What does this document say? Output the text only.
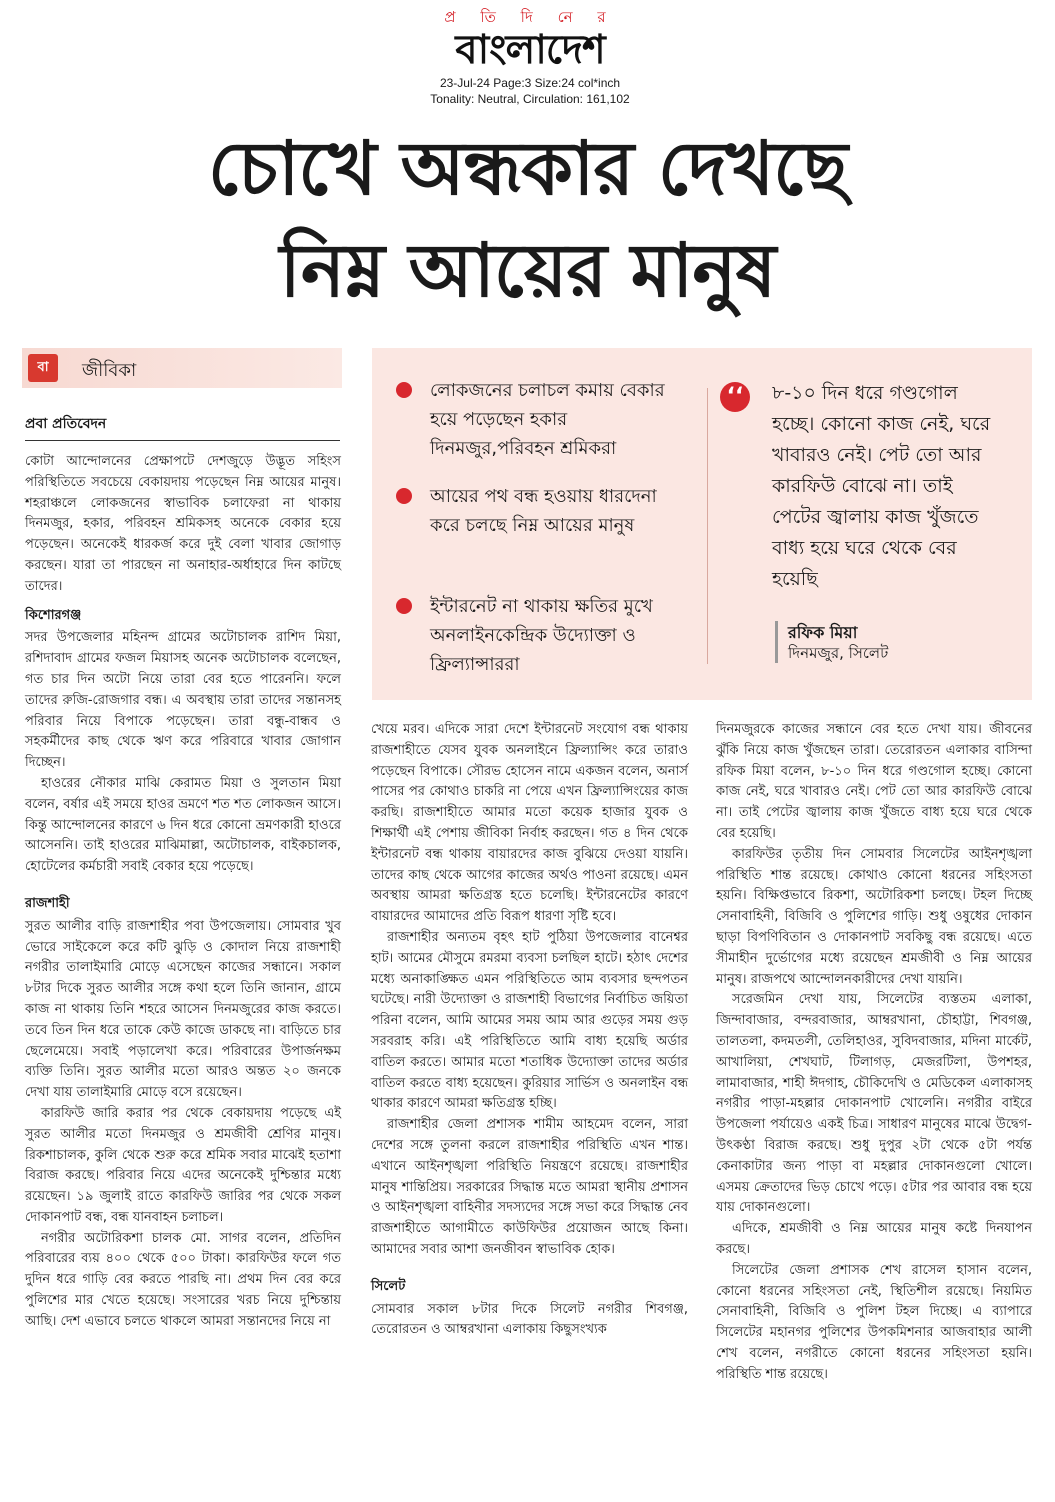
প্র তি দি নে র
বাংলাদেশ
23-Jul-24 Page:3 Size:24 col*inch
Tonality: Neutral, Circulation: 161,102
চোখে অন্ধকার দেখছে
নিম্ন আয়ের মানুষ
বা	জীবিকা
প্রবা প্রতিবেদন

কোটা আন্দোলনের প্রেক্ষাপটে দেশজুড়ে উদ্ভূত সহিংস পরিস্থিতিতে সবচেয়ে বেকায়দায় পড়েছেন নিম্ন আয়ের মানুষ। শহরাঞ্চলে লোকজনের স্বাভাবিক চলাফেরা না থাকায় দিনমজুর, হকার, পরিবহন শ্রমিকসহ অনেকে বেকার হয়ে পড়েছেন। অনেকেই ধারকর্জ করে দুই বেলা খাবার জোগাড় করছেন। যারা তা পারছেন না অনাহার-অর্ধাহারে দিন কাটছে তাদের।

কিশোরগঞ্জ

সদর উপজেলার মহিনন্দ গ্রামের অটোচালক রাশিদ মিয়া, রশিদাবাদ গ্রামের ফজল মিয়াসহ অনেক অটোচালক বলেছেন, গত চার দিন অটো নিয়ে তারা বের হতে পারেননি। ফলে তাদের রুজি-রোজগার বন্ধ। এ অবস্থায় তারা তাদের সন্তানসহ পরিবার নিয়ে বিপাকে পড়েছেন। তারা বন্ধু-বান্ধব ও সহকর্মীদের কাছ থেকে ঋণ করে পরিবারে খাবার জোগান দিচ্ছেন।

হাওরের নৌকার মাঝি কেরামত মিয়া ও সুলতান মিয়া বলেন, বর্ষার এই সময়ে হাওর ভ্রমণে শত শত লোকজন আসে। কিন্তু আন্দোলনের কারণে ৬ দিন ধরে কোনো ভ্রমণকারী হাওরে আসেননি। তাই হাওরের মাঝিমাল্লা, অটোচালক, বাইকচালক, হোটেলের কর্মচারী সবাই বেকার হয়ে পড়েছে।

রাজশাহী

সুরত আলীর বাড়ি রাজশাহীর পবা উপজেলায়। সোমবার খুব ভোরে সাইকেলে করে কটি ঝুড়ি ও কোদাল নিয়ে রাজশাহী নগরীর তালাইমারি মোড়ে এসেছেন কাজের সন্ধানে। সকাল ৮টার দিকে সুরত আলীর সঙ্গে কথা হলে তিনি জানান, গ্রামে কাজ না থাকায় তিনি শহরে আসেন দিনমজুরের কাজ করতে। তবে তিন দিন ধরে তাকে কেউ কাজে ডাকছে না। বাড়িতে চার ছেলেমেয়ে। সবাই পড়ালেখা করে। পরিবারের উপার্জনক্ষম ব্যক্তি তিনি। সুরত আলীর মতো আরও অন্তত ২০ জনকে দেখা যায় তালাইমারি মোড়ে বসে রয়েছেন।

কারফিউ জারি করার পর থেকে বেকায়দায় পড়েছে এই সুরত আলীর মতো দিনমজুর ও শ্রমজীবী শ্রেণির মানুষ। রিকশাচালক, কুলি থেকে শুরু করে শ্রমিক সবার মাঝেই হতাশা বিরাজ করছে। পরিবার নিয়ে এদের অনেকেই দুশ্চিন্তার মধ্যে রয়েছেন। ১৯ জুলাই রাতে কারফিউ জারির পর থেকে সকল দোকানপাট বন্ধ, বন্ধ যানবাহন চলাচল।

নগরীর অটোরিকশা চালক মো. সাগর বলেন, প্রতিদিন পরিবারের ব্যয় ৪০০ থেকে ৫০০ টাকা। কারফিউর ফলে গত দুদিন ধরে গাড়ি বের করতে পারছি না। প্রথম দিন বের করে পুলিশের মার খেতে হয়েছে। সংসারের খরচ নিয়ে দুশ্চিন্তায় আছি। দেশ এভাবে চলতে থাকলে আমরা সন্তানদের নিয়ে না

লোকজনের চলাচল কমায় বেকার হয়ে পড়েছেন হকার দিনমজুর,পরিবহন শ্রমিকরা
আয়ের পথ বন্ধ হওয়ায় ধারদেনা করে চলছে নিম্ন আয়ের মানুষ
ইন্টারনেট না থাকায় ক্ষতির মুখে অনলাইনকেন্দ্রিক উদ্যোক্তা ও ফ্রিল্যান্সাররা
‘‘	৮-১০ দিন ধরে গণ্ডগোল হচ্ছে। কোনো কাজ নেই, ঘরে খাবারও নেই। পেট তো আর কারফিউ বোঝে না। তাই পেটের জ্বালায় কাজ খুঁজতে বাধ্য হয়ে ঘরে থেকে বের হয়েছি
রফিক মিয়া
দিনমজুর, সিলেট

খেয়ে মরব। এদিকে সারা দেশে ইন্টারনেট সংযোগ বন্ধ থাকায় রাজশাহীতে যেসব যুবক অনলাইনে ফ্রিল্যান্সিং করে তারাও পড়েছেন বিপাকে। সৌরভ হোসেন নামে একজন বলেন, অনার্স পাসের পর কোথাও চাকরি না পেয়ে এখন ফ্রিল্যান্সিংয়ের কাজ করছি। রাজশাহীতে আমার মতো কয়েক হাজার যুবক ও শিক্ষার্থী এই পেশায় জীবিকা নির্বাহ করছেন। গত ৪ দিন থেকে ইন্টারনেট বন্ধ থাকায় বায়ারদের কাজ বুঝিয়ে দেওয়া যায়নি। তাদের কাছ থেকে আগের কাজের অর্থও পাওনা রয়েছে। এমন অবস্থায় আমরা ক্ষতিগ্রস্ত হতে চলেছি। ইন্টারনেটের কারণে বায়ারদের আমাদের প্রতি বিরূপ ধারণা সৃষ্টি হবে।

রাজশাহীর অন্যতম বৃহৎ হাট পুঠিয়া উপজেলার বানেশ্বর হাট। আমের মৌসুমে রমরমা ব্যবসা চলছিল হাটে। হঠাৎ দেশের মধ্যে অনাকাঙ্ক্ষিত এমন পরিস্থিতিতে আম ব্যবসার ছন্দপতন ঘটেছে। নারী উদ্যোক্তা ও রাজশাহী বিভাগের নির্বাচিত জয়িতা পরিনা বলেন, আমি আমের সময় আম আর গুড়ের সময় গুড় সরবরাহ করি। এই পরিস্থিতিতে আমি বাধ্য হয়েছি অর্ডার বাতিল করতে। আমার মতো শতাধিক উদ্যোক্তা তাদের অর্ডার বাতিল করতে বাধ্য হয়েছেন। কুরিয়ার সার্ভিস ও অনলাইন বন্ধ থাকার কারণে আমরা ক্ষতিগ্রস্ত হচ্ছি।

রাজশাহীর জেলা প্রশাসক শামীম আহমেদ বলেন, সারা দেশের সঙ্গে তুলনা করলে রাজশাহীর পরিস্থিতি এখন শান্ত। এখানে আইনশৃঙ্খলা পরিস্থিতি নিয়ন্ত্রণে রয়েছে। রাজশাহীর মানুষ শান্তিপ্রিয়। সরকারের সিদ্ধান্ত মতে আমরা স্থানীয় প্রশাসন ও আইনশৃঙ্খলা বাহিনীর সদস্যদের সঙ্গে সভা করে সিদ্ধান্ত নেব রাজশাহীতে আগামীতে কাউফিউর প্রয়োজন আছে কিনা। আমাদের সবার আশা জনজীবন স্বাভাবিক হোক।

সিলেট

সোমবার সকাল ৮টার দিকে সিলেট নগরীর শিবগঞ্জ, তেরোরতন ও আম্বরখানা এলাকায় কিছুসংখ্যক

দিনমজুরকে কাজের সন্ধানে বের হতে দেখা যায়। জীবনের ঝুঁকি নিয়ে কাজ খুঁজছেন তারা। তেরোরতন এলাকার বাসিন্দা রফিক মিয়া বলেন, ৮-১০ দিন ধরে গণ্ডগোল হচ্ছে। কোনো কাজ নেই, ঘরে খাবারও নেই। পেট তো আর কারফিউ বোঝে না। তাই পেটের জ্বালায় কাজ খুঁজতে বাধ্য হয়ে ঘরে থেকে বের হয়েছি।

কারফিউর তৃতীয় দিন সোমবার সিলেটের আইনশৃঙ্খলা পরিস্থিতি শান্ত রয়েছে। কোথাও কোনো ধরনের সহিংসতা হয়নি। বিক্ষিপ্তভাবে রিকশা, অটোরিকশা চলছে। টহল দিচ্ছে সেনাবাহিনী, বিজিবি ও পুলিশের গাড়ি। শুধু ওষুধের দোকান ছাড়া বিপণিবিতান ও দোকানপাট সবকিছু বন্ধ রয়েছে। এতে সীমাহীন দুর্ভোগের মধ্যে রয়েছেন শ্রমজীবী ও নিম্ন আয়ের মানুষ। রাজপথে আন্দোলনকারীদের দেখা যায়নি।

সরেজমিন দেখা যায়, সিলেটের ব্যস্ততম এলাকা, জিন্দাবাজার, বন্দরবাজার, আম্বরখানা, চৌহাট্টা, শিবগঞ্জ, তালতলা, কদমতলী, তেলিহাওর, সুবিদবাজার, মদিনা মার্কেট, আখালিয়া, শেখঘাট, টিলাগড়, মেজরটিলা, উপশহর, লামাবাজার, শাহী ঈদগাহ, চৌকিদেখি ও মেডিকেল এলাকাসহ নগরীর পাড়া-মহল্লার দোকানপাট খোলেনি। নগরীর বাইরে উপজেলা পর্যায়েও একই চিত্র। সাধারণ মানুষের মাঝে উদ্বেগ-উৎকণ্ঠা বিরাজ করছে। শুধু দুপুর ২টা থেকে ৫টা পর্যন্ত কেনাকাটার জন্য পাড়া বা মহল্লার দোকানগুলো খোলে। এসময় ক্রেতাদের ভিড় চোখে পড়ে। ৫টার পর আবার বন্ধ হয়ে যায় দোকানগুলো।

এদিকে, শ্রমজীবী ও নিম্ন আয়ের মানুষ কষ্টে দিনযাপন করছে।

সিলেটের জেলা প্রশাসক শেখ রাসেল হাসান বলেন, কোনো ধরনের সহিংসতা নেই, স্থিতিশীল রয়েছে। নিয়মিত সেনাবাহিনী, বিজিবি ও পুলিশ টহল দিচ্ছে। এ ব্যাপারে সিলেটের মহানগর পুলিশের উপকমিশনার আজবাহার আলী শেখ বলেন, নগরীতে কোনো ধরনের সহিংসতা হয়নি। পরিস্থিতি শান্ত রয়েছে।
